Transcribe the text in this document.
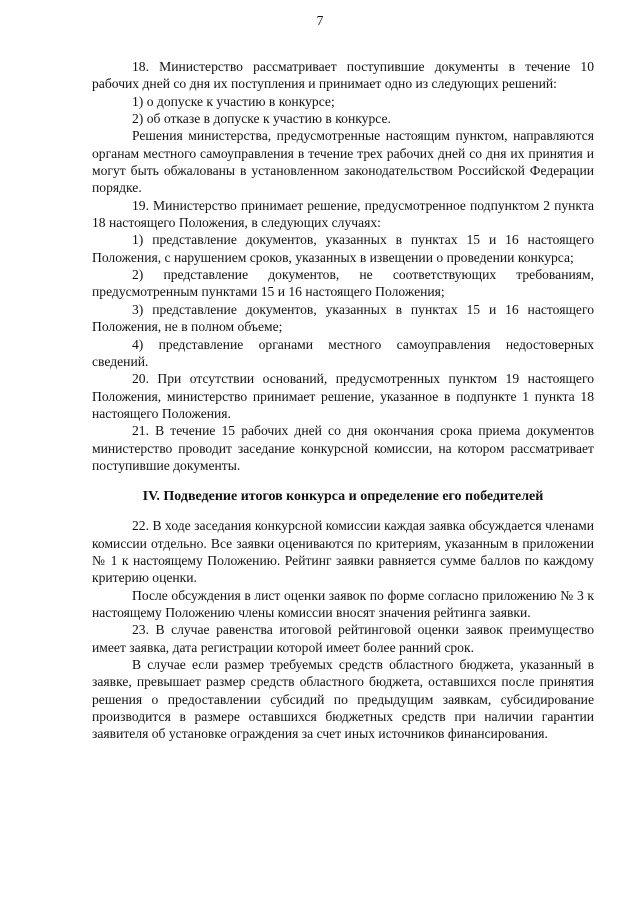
7

18. Министерство рассматривает поступившие документы в течение 10 рабочих дней со дня их поступления и принимает одно из следующих решений:

1) о допуске к участию в конкурсе;

2) об отказе в допуске к участию в конкурсе.

Решения министерства, предусмотренные настоящим пунктом, направляются органам местного самоуправления в течение трех рабочих дней со дня их принятия и могут быть обжалованы в установленном законодательством Российской Федерации порядке.

19. Министерство принимает решение, предусмотренное подпунктом 2 пункта 18 настоящего Положения, в следующих случаях:

1) представление документов, указанных в пунктах 15 и 16 настоящего Положения, с нарушением сроков, указанных в извещении о проведении конкурса;

2) представление документов, не соответствующих требованиям, предусмотренным пунктами 15 и 16 настоящего Положения;

3) представление документов, указанных в пунктах 15 и 16 настоящего Положения, не в полном объеме;

4) представление органами местного самоуправления недостоверных сведений.

20. При отсутствии оснований, предусмотренных пунктом 19 настоящего Положения, министерство принимает решение, указанное в подпункте 1 пункта 18 настоящего Положения.

21. В течение 15 рабочих дней со дня окончания срока приема документов министерство проводит заседание конкурсной комиссии, на котором рассматривает поступившие документы.

IV. Подведение итогов конкурса и определение его победителей

22. В ходе заседания конкурсной комиссии каждая заявка обсуждается членами комиссии отдельно. Все заявки оцениваются по критериям, указанным в приложении № 1 к настоящему Положению. Рейтинг заявки равняется сумме баллов по каждому критерию оценки.

После обсуждения в лист оценки заявок по форме согласно приложению № 3 к настоящему Положению члены комиссии вносят значения рейтинга заявки.

23. В случае равенства итоговой рейтинговой оценки заявок преимущество имеет заявка, дата регистрации которой имеет более ранний срок.

В случае если размер требуемых средств областного бюджета, указанный в заявке, превышает размер средств областного бюджета, оставшихся после принятия решения о предоставлении субсидий по предыдущим заявкам, субсидирование производится в размере оставшихся бюджетных средств при наличии гарантии заявителя об установке ограждения за счет иных источников финансирования.
